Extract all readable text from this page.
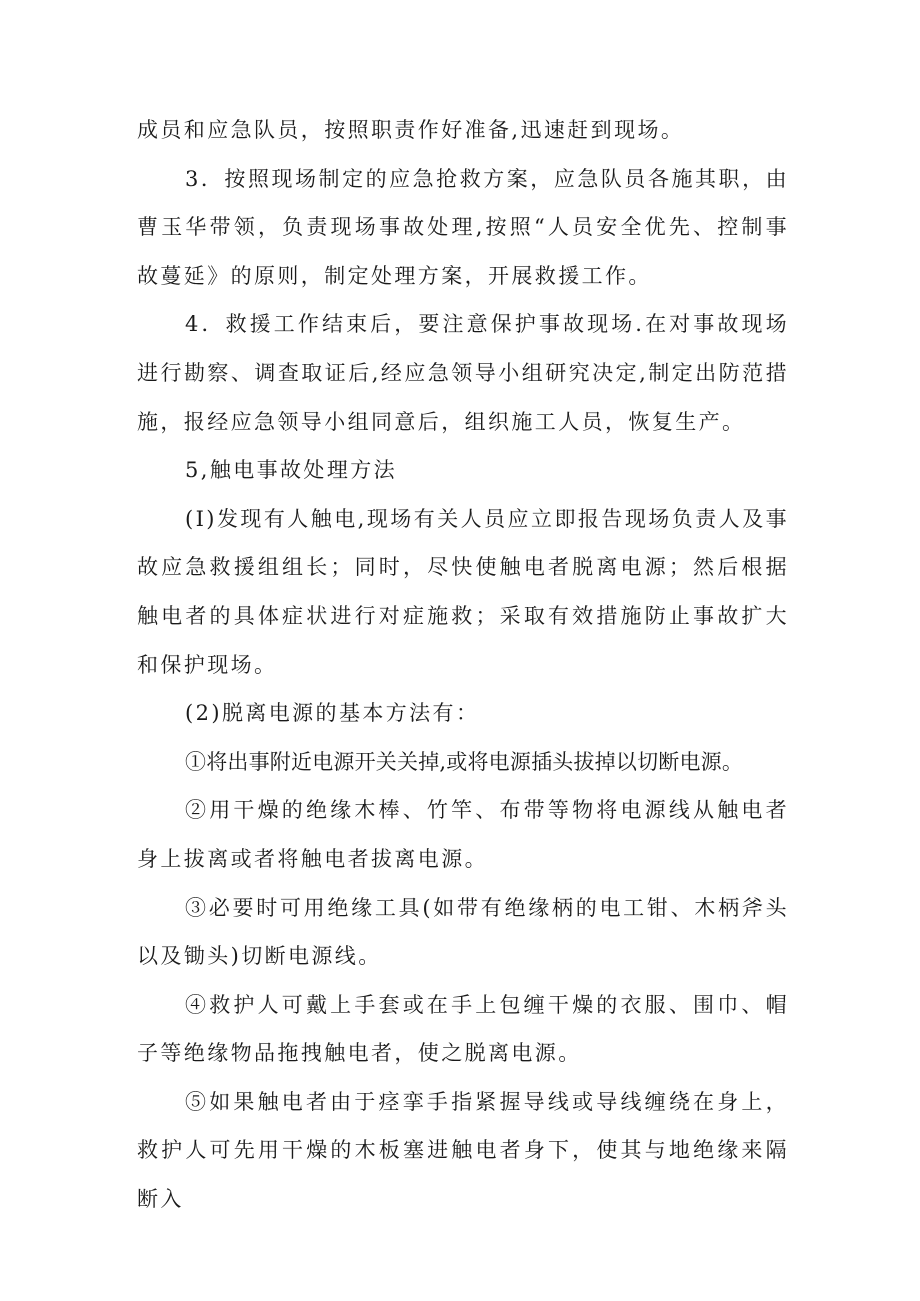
成员和应急队员，按照职责作好准备,迅速赶到现场。

3．按照现场制定的应急抢救方案，应急队员各施其职，由曹玉华带领，负责现场事故处理,按照“人员安全优先、控制事故蔓延》的原则，制定处理方案，开展救援工作。

4．救援工作结束后，要注意保护事故现场.在对事故现场进行勘察、调查取证后,经应急领导小组研究决定,制定出防范措施，报经应急领导小组同意后，组织施工人员，恢复生产。

5,触电事故处理方法

(I)发现有人触电,现场有关人员应立即报告现场负责人及事故应急救援组组长；同时，尽快使触电者脱离电源；然后根据触电者的具体症状进行对症施救；采取有效措施防止事故扩大和保护现场。

(2)脱离电源的基本方法有：

①将出事附近电源开关关掉,或将电源插头拔掉以切断电源。

②用干燥的绝缘木棒、竹竿、布带等物将电源线从触电者身上拔离或者将触电者拔离电源。

③必要时可用绝缘工具(如带有绝缘柄的电工钳、木柄斧头以及锄头)切断电源线。

④救护人可戴上手套或在手上包缠干燥的衣服、围巾、帽子等绝缘物品拖拽触电者，使之脱离电源。

⑤如果触电者由于痉挛手指紧握导线或导线缠绕在身上，救护人可先用干燥的木板塞进触电者身下，使其与地绝缘来隔断入
